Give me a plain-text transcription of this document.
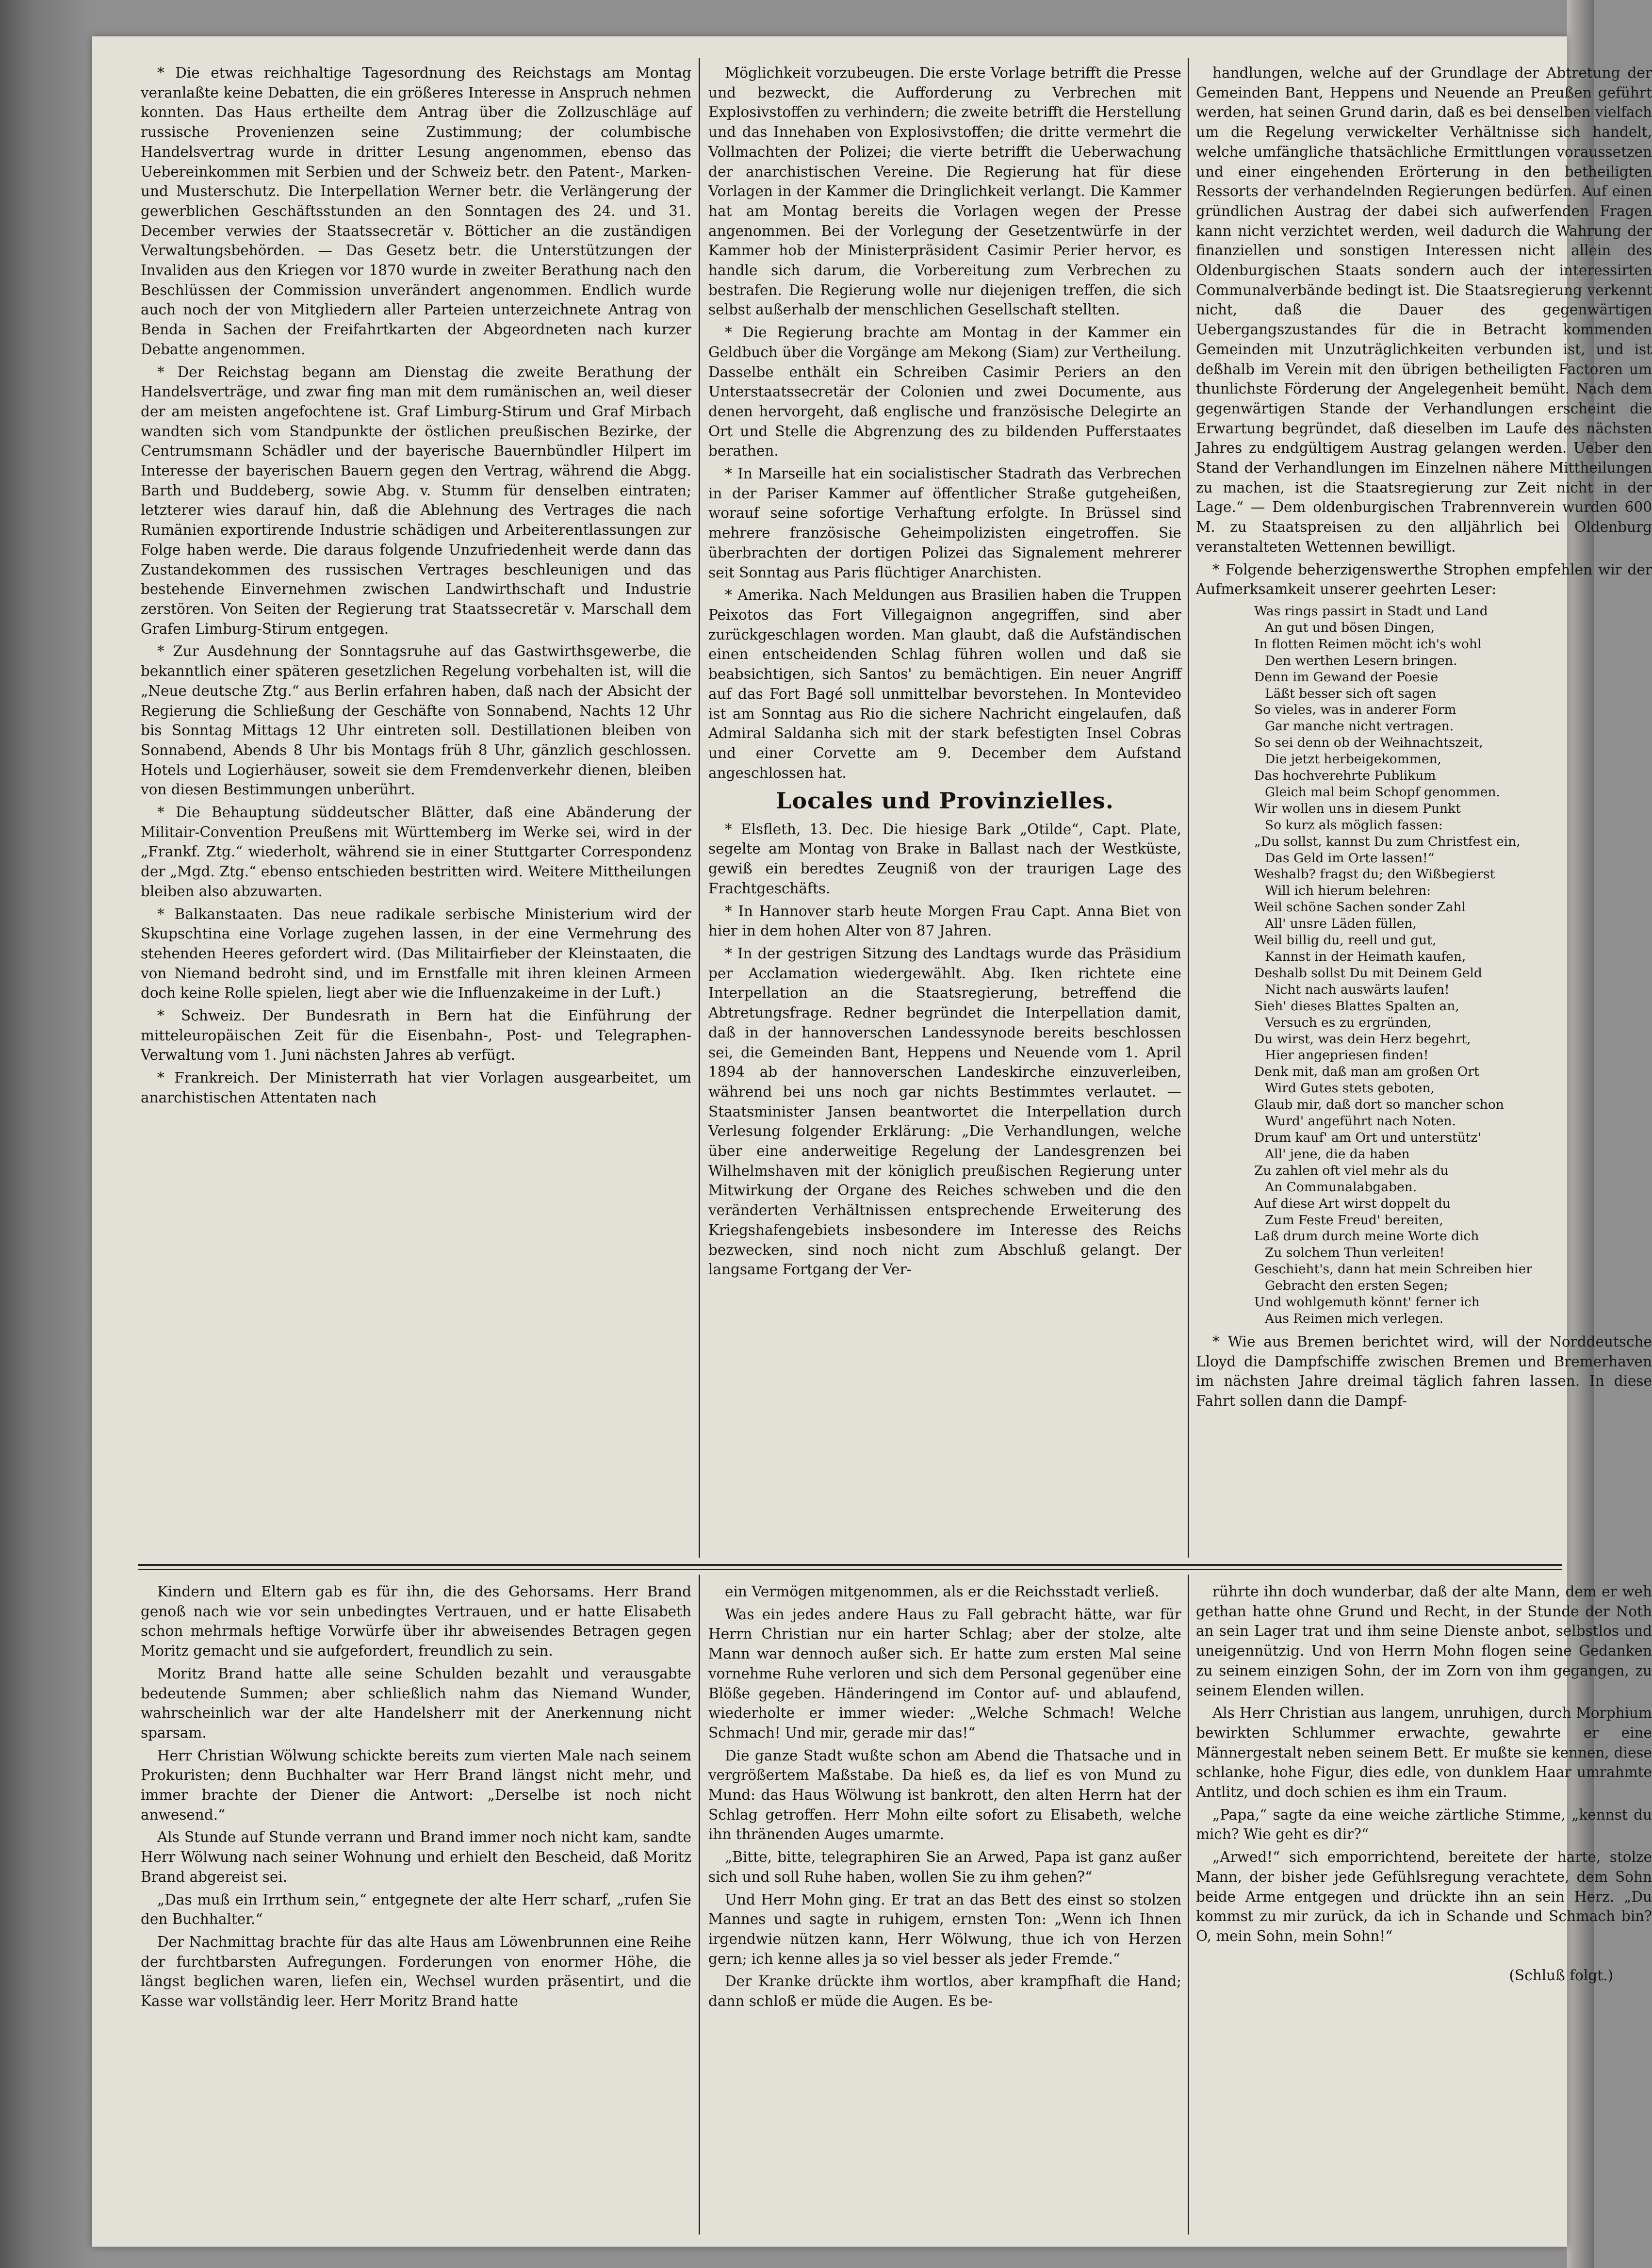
* Die etwas reichhaltige Tagesordnung des Reichstags am Montag veranlaßte keine Debatten, die ein größeres Interesse in Anspruch nehmen konnten. Das Haus ertheilte dem Antrag über die Zollzuschläge auf russische Provenienzen seine Zustimmung; der columbische Handelsvertrag wurde in dritter Lesung angenommen, ebenso das Uebereinkommen mit Serbien und der Schweiz betr. den Patent-, Marken- und Musterschutz. Die Interpellation Werner betr. die Verlängerung der gewerblichen Geschäftsstunden an den Sonntagen des 24. und 31. December verwies der Staatssecretär v. Bötticher an die zuständigen Verwaltungsbehörden. — Das Gesetz betr. die Unterstützungen der Invaliden aus den Kriegen vor 1870 wurde in zweiter Berathung nach den Beschlüssen der Commission unverändert angenommen. Endlich wurde auch noch der von Mitgliedern aller Parteien unterzeichnete Antrag von Benda in Sachen der Freifahrtkarten der Abgeordneten nach kurzer Debatte angenommen.

* Der Reichstag begann am Dienstag die zweite Berathung der Handelsverträge, und zwar fing man mit dem rumänischen an, weil dieser der am meisten angefochtene ist. Graf Limburg-Stirum und Graf Mirbach wandten sich vom Standpunkte der östlichen preußischen Bezirke, der Centrumsmann Schädler und der bayerische Bauernbündler Hilpert im Interesse der bayerischen Bauern gegen den Vertrag, während die Abgg. Barth und Buddeberg, sowie Abg. v. Stumm für denselben eintraten; letzterer wies darauf hin, daß die Ablehnung des Vertrages die nach Rumänien exportirende Industrie schädigen und Arbeiterentlassungen zur Folge haben werde. Die daraus folgende Unzufriedenheit werde dann das Zustandekommen des russischen Vertrages beschleunigen und das bestehende Einvernehmen zwischen Landwirthschaft und Industrie zerstören. Von Seiten der Regierung trat Staatssecretär v. Marschall dem Grafen Limburg-Stirum entgegen.

* Zur Ausdehnung der Sonntagsruhe auf das Gastwirthsgewerbe, die bekanntlich einer späteren gesetzlichen Regelung vorbehalten ist, will die „Neue deutsche Ztg.“ aus Berlin erfahren haben, daß nach der Absicht der Regierung die Schließung der Geschäfte von Sonnabend, Nachts 12 Uhr bis Sonntag Mittags 12 Uhr eintreten soll. Destillationen bleiben von Sonnabend, Abends 8 Uhr bis Montags früh 8 Uhr, gänzlich geschlossen. Hotels und Logierhäuser, soweit sie dem Fremdenverkehr dienen, bleiben von diesen Bestimmungen unberührt.

* Die Behauptung süddeutscher Blätter, daß eine Abänderung der Militair-Convention Preußens mit Württemberg im Werke sei, wird in der „Frankf. Ztg.“ wiederholt, während sie in einer Stuttgarter Correspondenz der „Mgd. Ztg.“ ebenso entschieden bestritten wird. Weitere Mittheilungen bleiben also abzuwarten.

* Balkanstaaten. Das neue radikale serbische Ministerium wird der Skupschtina eine Vorlage zugehen lassen, in der eine Vermehrung des stehenden Heeres gefordert wird. (Das Militairfieber der Kleinstaaten, die von Niemand bedroht sind, und im Ernstfalle mit ihren kleinen Armeen doch keine Rolle spielen, liegt aber wie die Influenzakeime in der Luft.)

* Schweiz. Der Bundesrath in Bern hat die Einführung der mitteleuropäischen Zeit für die Eisenbahn-, Post- und Telegraphen-Verwaltung vom 1. Juni nächsten Jahres ab verfügt.

* Frankreich. Der Ministerrath hat vier Vorlagen ausgearbeitet, um anarchistischen Attentaten nach

Möglichkeit vorzubeugen. Die erste Vorlage betrifft die Presse und bezweckt, die Aufforderung zu Verbrechen mit Explosivstoffen zu verhindern; die zweite betrifft die Herstellung und das Innehaben von Explosivstoffen; die dritte vermehrt die Vollmachten der Polizei; die vierte betrifft die Ueberwachung der anarchistischen Vereine. Die Regierung hat für diese Vorlagen in der Kammer die Dringlichkeit verlangt. Die Kammer hat am Montag bereits die Vorlagen wegen der Presse angenommen. Bei der Vorlegung der Gesetzentwürfe in der Kammer hob der Ministerpräsident Casimir Perier hervor, es handle sich darum, die Vorbereitung zum Verbrechen zu bestrafen. Die Regierung wolle nur diejenigen treffen, die sich selbst außerhalb der menschlichen Gesellschaft stellten.

* Die Regierung brachte am Montag in der Kammer ein Geldbuch über die Vorgänge am Mekong (Siam) zur Vertheilung. Dasselbe enthält ein Schreiben Casimir Periers an den Unterstaatssecretär der Colonien und zwei Documente, aus denen hervorgeht, daß englische und französische Delegirte an Ort und Stelle die Abgrenzung des zu bildenden Pufferstaates berathen.

* In Marseille hat ein socialistischer Stadrath das Verbrechen in der Pariser Kammer auf öffentlicher Straße gutgeheißen, worauf seine sofortige Verhaftung erfolgte. In Brüssel sind mehrere französische Geheimpolizisten eingetroffen. Sie überbrachten der dortigen Polizei das Signalement mehrerer seit Sonntag aus Paris flüchtiger Anarchisten.

* Amerika. Nach Meldungen aus Brasilien haben die Truppen Peixotos das Fort Villegaignon angegriffen, sind aber zurückgeschlagen worden. Man glaubt, daß die Aufständischen einen entscheidenden Schlag führen wollen und daß sie beabsichtigen, sich Santos' zu bemächtigen. Ein neuer Angriff auf das Fort Bagé soll unmittelbar bevorstehen. In Montevideo ist am Sonntag aus Rio die sichere Nachricht eingelaufen, daß Admiral Saldanha sich mit der stark befestigten Insel Cobras und einer Corvette am 9. December dem Aufstand angeschlossen hat.

Locales und Provinzielles.

* Elsfleth, 13. Dec. Die hiesige Bark „Otilde“, Capt. Plate, segelte am Montag von Brake in Ballast nach der Westküste, gewiß ein beredtes Zeugniß von der traurigen Lage des Frachtgeschäfts.

* In Hannover starb heute Morgen Frau Capt. Anna Biet von hier in dem hohen Alter von 87 Jahren.

* In der gestrigen Sitzung des Landtags wurde das Präsidium per Acclamation wiedergewählt. Abg. Iken richtete eine Interpellation an die Staatsregierung, betreffend die Abtretungsfrage. Redner begründet die Interpellation damit, daß in der hannoverschen Landessynode bereits beschlossen sei, die Gemeinden Bant, Heppens und Neuende vom 1. April 1894 ab der hannoverschen Landeskirche einzuverleiben, während bei uns noch gar nichts Bestimmtes verlautet. — Staatsminister Jansen beantwortet die Interpellation durch Verlesung folgender Erklärung: „Die Verhandlungen, welche über eine anderweitige Regelung der Landesgrenzen bei Wilhelmshaven mit der königlich preußischen Regierung unter Mitwirkung der Organe des Reiches schweben und die den veränderten Verhältnissen entsprechende Erweiterung des Kriegshafengebiets insbesondere im Interesse des Reichs bezwecken, sind noch nicht zum Abschluß gelangt. Der langsame Fortgang der Ver-

handlungen, welche auf der Grundlage der Abtretung der Gemeinden Bant, Heppens und Neuende an Preußen geführt werden, hat seinen Grund darin, daß es bei denselben vielfach um die Regelung verwickelter Verhältnisse sich handelt, welche umfängliche thatsächliche Ermittlungen voraussetzen und einer eingehenden Erörterung in den betheiligten Ressorts der verhandelnden Regierungen bedürfen. Auf einen gründlichen Austrag der dabei sich aufwerfenden Fragen kann nicht verzichtet werden, weil dadurch die Wahrung der finanziellen und sonstigen Interessen nicht allein des Oldenburgischen Staats sondern auch der interessirten Communalverbände bedingt ist. Die Staatsregierung verkennt nicht, daß die Dauer des gegenwärtigen Uebergangszustandes für die in Betracht kommenden Gemeinden mit Unzuträglichkeiten verbunden ist, und ist deßhalb im Verein mit den übrigen betheiligten Factoren um thunlichste Förderung der Angelegenheit bemüht. Nach dem gegenwärtigen Stande der Verhandlungen erscheint die Erwartung begründet, daß dieselben im Laufe des nächsten Jahres zu endgültigem Austrag gelangen werden. Ueber den Stand der Verhandlungen im Einzelnen nähere Mittheilungen zu machen, ist die Staatsregierung zur Zeit nicht in der Lage.“ — Dem oldenburgischen Trabrennverein wurden 600 M. zu Staatspreisen zu den alljährlich bei Oldenburg veranstalteten Wettennen bewilligt.

* Folgende beherzigenswerthe Strophen empfehlen wir der Aufmerksamkeit unserer geehrten Leser:

Was rings passirt in Stadt und Land
An gut und bösen Dingen,
In flotten Reimen möcht ich's wohl
Den werthen Lesern bringen.
Denn im Gewand der Poesie
Läßt besser sich oft sagen
So vieles, was in anderer Form
Gar manche nicht vertragen.
So sei denn ob der Weihnachtszeit,
Die jetzt herbeigekommen,
Das hochverehrte Publikum
Gleich mal beim Schopf genommen.
Wir wollen uns in diesem Punkt
So kurz als möglich fassen:
„Du sollst, kannst Du zum Christfest ein,
Das Geld im Orte lassen!“
Weshalb? fragst du; den Wißbegierst
Will ich hierum belehren:
Weil schöne Sachen sonder Zahl
All' unsre Läden füllen,
Weil billig du, reell und gut,
Kannst in der Heimath kaufen,
Deshalb sollst Du mit Deinem Geld
Nicht nach auswärts laufen!
Sieh' dieses Blattes Spalten an,
Versuch es zu ergründen,
Du wirst, was dein Herz begehrt,
Hier angepriesen finden!
Denk mit, daß man am großen Ort
Wird Gutes stets geboten,
Glaub mir, daß dort so mancher schon
Wurd' angeführt nach Noten.
Drum kauf' am Ort und unterstütz'
All' jene, die da haben
Zu zahlen oft viel mehr als du
An Communalabgaben.
Auf diese Art wirst doppelt du
Zum Feste Freud' bereiten,
Laß drum durch meine Worte dich
Zu solchem Thun verleiten!
Geschieht's, dann hat mein Schreiben hier
Gebracht den ersten Segen;
Und wohlgemuth könnt' ferner ich
Aus Reimen mich verlegen.

* Wie aus Bremen berichtet wird, will der Norddeutsche Lloyd die Dampfschiffe zwischen Bremen und Bremerhaven im nächsten Jahre dreimal täglich fahren lassen. In diese Fahrt sollen dann die Dampf-

Kindern und Eltern gab es für ihn, die des Gehorsams. Herr Brand genoß nach wie vor sein unbedingtes Vertrauen, und er hatte Elisabeth schon mehrmals heftige Vorwürfe über ihr abweisendes Betragen gegen Moritz gemacht und sie aufgefordert, freundlich zu sein.

Moritz Brand hatte alle seine Schulden bezahlt und verausgabte bedeutende Summen; aber schließlich nahm das Niemand Wunder, wahrscheinlich war der alte Handelsherr mit der Anerkennung nicht sparsam.

Herr Christian Wölwung schickte bereits zum vierten Male nach seinem Prokuristen; denn Buchhalter war Herr Brand längst nicht mehr, und immer brachte der Diener die Antwort: „Derselbe ist noch nicht anwesend.“

Als Stunde auf Stunde verrann und Brand immer noch nicht kam, sandte Herr Wölwung nach seiner Wohnung und erhielt den Bescheid, daß Moritz Brand abgereist sei.

„Das muß ein Irrthum sein,“ entgegnete der alte Herr scharf, „rufen Sie den Buchhalter.“

Der Nachmittag brachte für das alte Haus am Löwenbrunnen eine Reihe der furchtbarsten Aufregungen. Forderungen von enormer Höhe, die längst beglichen waren, liefen ein, Wechsel wurden präsentirt, und die Kasse war vollständig leer. Herr Moritz Brand hatte

ein Vermögen mitgenommen, als er die Reichsstadt verließ.

Was ein jedes andere Haus zu Fall gebracht hätte, war für Herrn Christian nur ein harter Schlag; aber der stolze, alte Mann war dennoch außer sich. Er hatte zum ersten Mal seine vornehme Ruhe verloren und sich dem Personal gegenüber eine Blöße gegeben. Händeringend im Contor auf- und ablaufend, wiederholte er immer wieder: „Welche Schmach! Welche Schmach! Und mir, gerade mir das!“

Die ganze Stadt wußte schon am Abend die Thatsache und in vergrößertem Maßstabe. Da hieß es, da lief es von Mund zu Mund: das Haus Wölwung ist bankrott, den alten Herrn hat der Schlag getroffen. Herr Mohn eilte sofort zu Elisabeth, welche ihn thränenden Auges umarmte.

„Bitte, bitte, telegraphiren Sie an Arwed, Papa ist ganz außer sich und soll Ruhe haben, wollen Sie zu ihm gehen?“

Und Herr Mohn ging. Er trat an das Bett des einst so stolzen Mannes und sagte in ruhigem, ernsten Ton: „Wenn ich Ihnen irgendwie nützen kann, Herr Wölwung, thue ich von Herzen gern; ich kenne alles ja so viel besser als jeder Fremde.“

Der Kranke drückte ihm wortlos, aber krampfhaft die Hand; dann schloß er müde die Augen. Es be-

rührte ihn doch wunderbar, daß der alte Mann, dem er weh gethan hatte ohne Grund und Recht, in der Stunde der Noth an sein Lager trat und ihm seine Dienste anbot, selbstlos und uneigennützig. Und von Herrn Mohn flogen seine Gedanken zu seinem einzigen Sohn, der im Zorn von ihm gegangen, zu seinem Elenden willen.

Als Herr Christian aus langem, unruhigen, durch Morphium bewirkten Schlummer erwachte, gewahrte er eine Männergestalt neben seinem Bett. Er mußte sie kennen, diese schlanke, hohe Figur, dies edle, von dunklem Haar umrahmte Antlitz, und doch schien es ihm ein Traum.

„Papa,“ sagte da eine weiche zärtliche Stimme, „kennst du mich? Wie geht es dir?“

„Arwed!“ sich emporrichtend, bereitete der harte, stolze Mann, der bisher jede Gefühlsregung verachtete, dem Sohn beide Arme entgegen und drückte ihn an sein Herz. „Du kommst zu mir zurück, da ich in Schande und Schmach bin? O, mein Sohn, mein Sohn!“

(Schluß folgt.)
